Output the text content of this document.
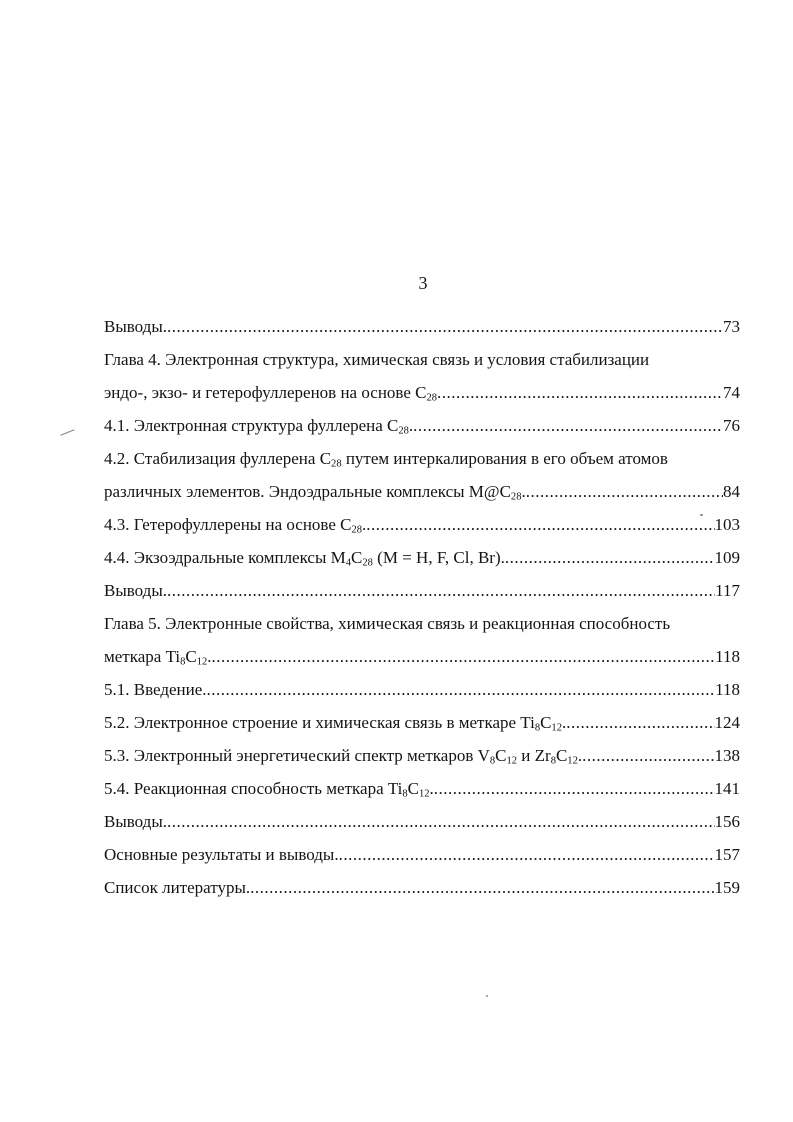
3
Выводы. .....	73
Глава 4. Электронная структура, химическая связь и условия стабилизации
эндо-, экзо- и гетерофуллеренов на основе $C_{28}$ .....	74
4.1. Электронная структура фуллерена $C_{28}$. .....	76
4.2. Стабилизация фуллерена $C_{28}$ путем интеркалирования в его объем атомов
различных элементов. Эндоэдральные комплексы $M@C_{28}$. .....	84
4.3. Гетерофуллерены на основе $C_{28}$. .....	103
4.4. Экзоэдральные комплексы $M_4C_{28}$ (M = H, F, Cl, Br). .....	109
Выводы. .....	117
Глава 5. Электронные свойства, химическая связь и реакционная способность
меткара $Ti_8C_{12}$. .....	118
5.1. Введение. .....	118
5.2. Электронное строение и химическая связь в меткаре $Ti_8C_{12}$. .....	124
5.3. Электронный энергетический спектр меткаров $V_8C_{12}$ и $Zr_8C_{12}$. .....	138
5.4. Реакционная способность меткара $Ti_8C_{12}$. .....	141
Выводы. .....	156
Основные результаты и выводы. .....	157
Список литературы. .....	159
